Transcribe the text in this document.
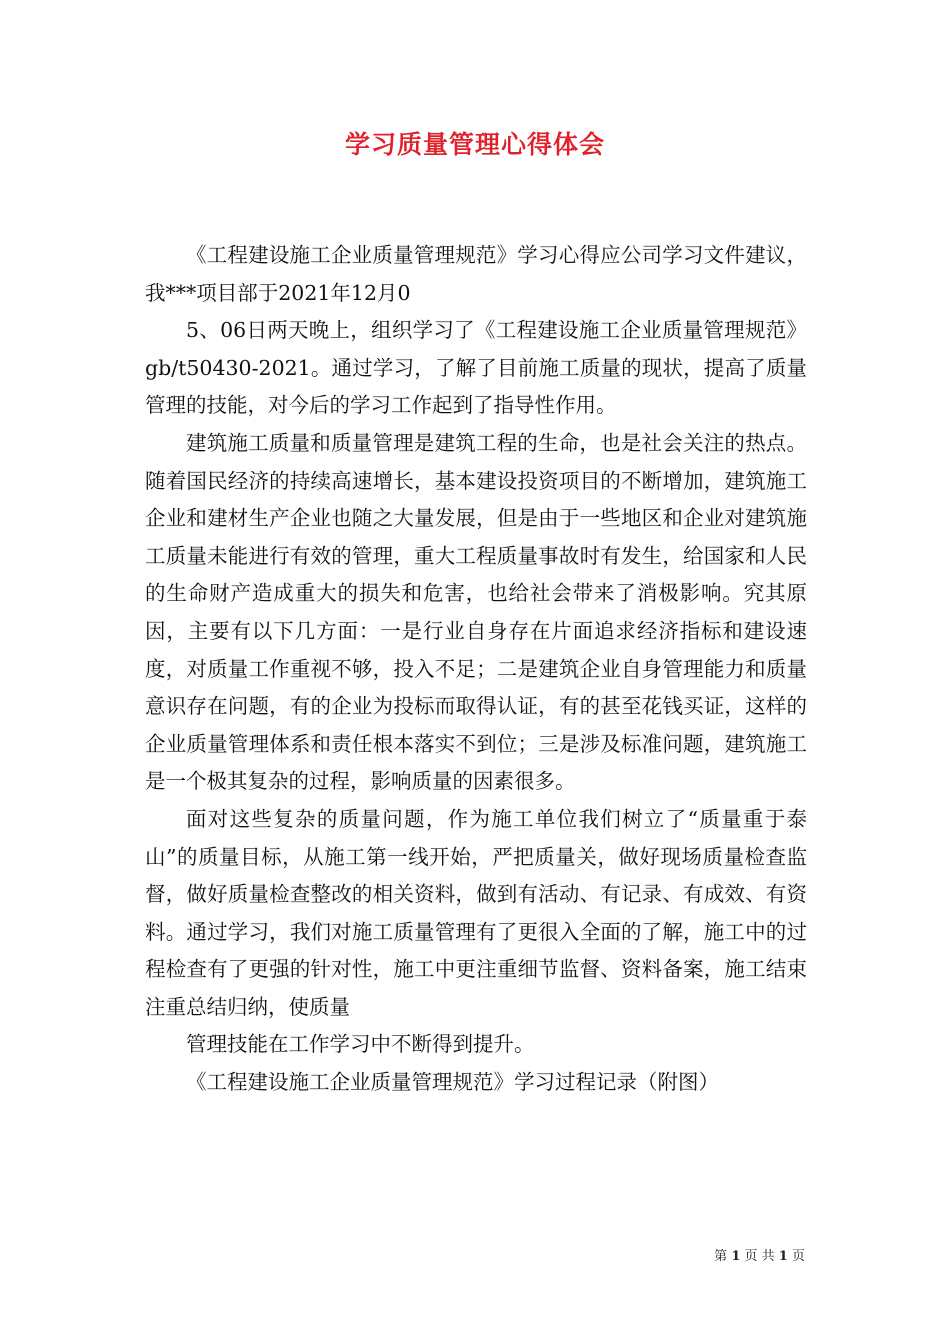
学习质量管理心得体会

《工程建设施工企业质量管理规范》学习心得应公司学习文件建议，我***项目部于2021年12月0

5、06日两天晚上，组织学习了《工程建设施工企业质量管理规范》gb/t50430-2021。通过学习，了解了目前施工质量的现状，提高了质量管理的技能，对今后的学习工作起到了指导性作用。

建筑施工质量和质量管理是建筑工程的生命，也是社会关注的热点。随着国民经济的持续高速增长，基本建设投资项目的不断增加，建筑施工企业和建材生产企业也随之大量发展，但是由于一些地区和企业对建筑施工质量未能进行有效的管理，重大工程质量事故时有发生，给国家和人民的生命财产造成重大的损失和危害，也给社会带来了消极影响。究其原因，主要有以下几方面：一是行业自身存在片面追求经济指标和建设速度，对质量工作重视不够，投入不足；二是建筑企业自身管理能力和质量意识存在问题，有的企业为投标而取得认证，有的甚至花钱买证，这样的企业质量管理体系和责任根本落实不到位；三是涉及标准问题，建筑施工是一个极其复杂的过程，影响质量的因素很多。

面对这些复杂的质量问题，作为施工单位我们树立了“质量重于泰山”的质量目标，从施工第一线开始，严把质量关，做好现场质量检查监督，做好质量检查整改的相关资料，做到有活动、有记录、有成效、有资料。通过学习，我们对施工质量管理有了更很入全面的了解，施工中的过程检查有了更强的针对性，施工中更注重细节监督、资料备案，施工结束注重总结归纳，使质量

管理技能在工作学习中不断得到提升。

《工程建设施工企业质量管理规范》学习过程记录（附图）

第 1 页 共 1 页
